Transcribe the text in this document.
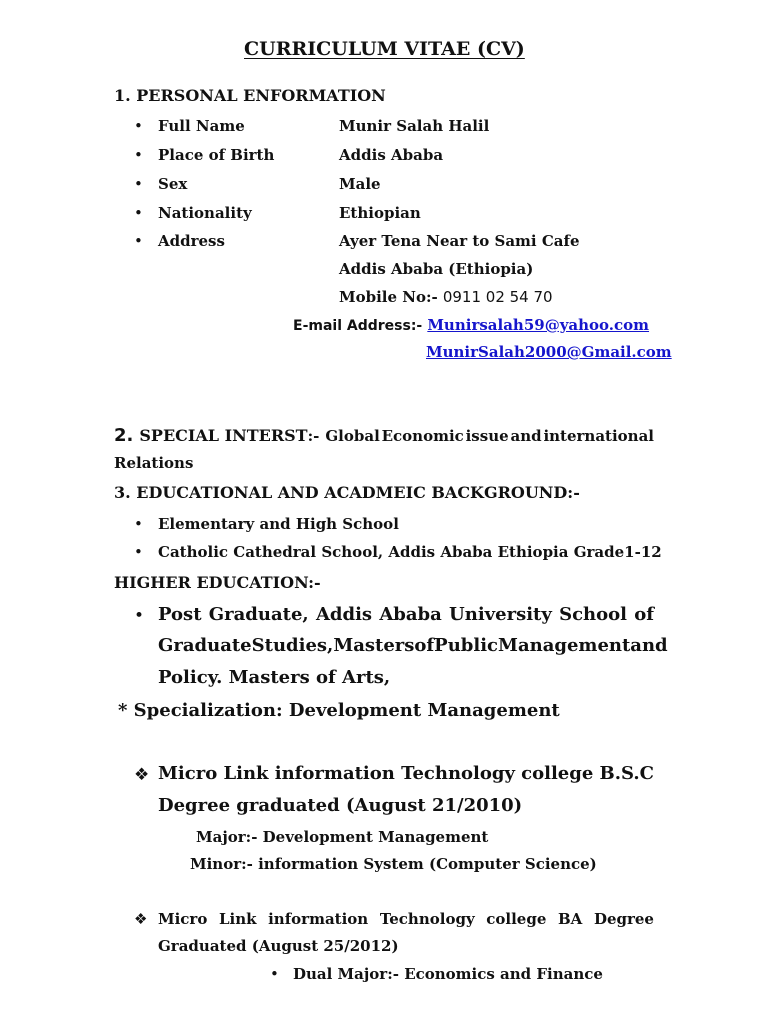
CURRICULUM VITAE (CV)
1. PERSONAL ENFORMATION
• Full Name	Munir Salah Halil
• Place of Birth	Addis Ababa
• Sex	Male
• Nationality	Ethiopian
• Address	Ayer Tena Near to Sami Cafe
Addis Ababa (Ethiopia)
Mobile No:- 0911 02 54 70
E-mail Address:- Munirsalah59@yahoo.com
MunirSalah2000@Gmail.com
2. SPECIAL INTERST :- Global Economic issue and international
Relations
3. EDUCATIONAL AND ACADMEIC BACKGROUND:-
• Elementary and High School
• Catholic Cathedral School, Addis Ababa Ethiopia Grade1-12
HIGHER EDUCATION:-
• Post Graduate, Addis Ababa University School of
Graduate Studies, Masters of Public Management and
Policy. Masters of Arts,
* Specialization: Development Management
❖ Micro Link information Technology college B.S.C
Degree graduated (August 21/2010)
Major:- Development Management
Minor:- information System (Computer Science)
❖ Micro Link information Technology college BA Degree
Graduated (August 25/2012)
• Dual Major:- Economics and Finance
